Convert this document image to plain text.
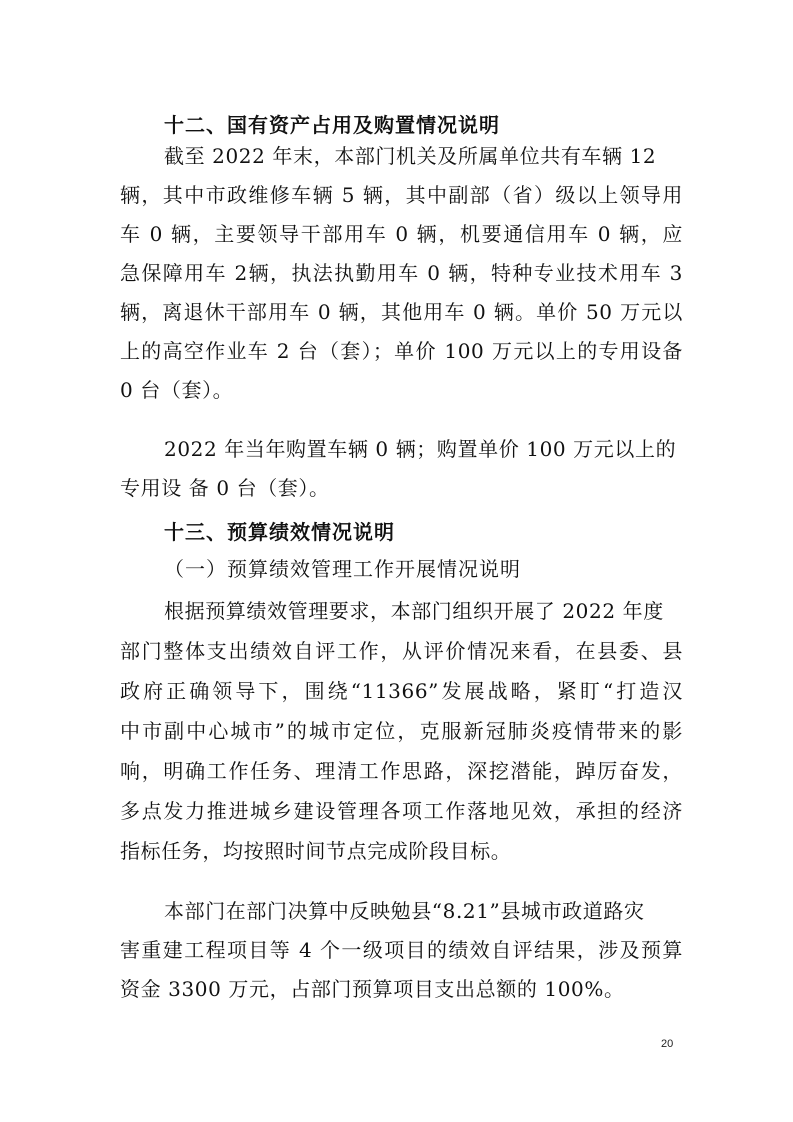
十二、国有资产占用及购置情况说明
截至 2022 年末，本部门机关及所属单位共有车辆 12
辆，其中市政维修车辆 5 辆，其中副部（省）级以上领导用
车 0 辆，主要领导干部用车 0 辆，机要通信用车 0 辆，应
急保障用车 2辆，执法执勤用车 0 辆，特种专业技术用车 3
辆，离退休干部用车 0 辆，其他用车 0 辆。单价 50 万元以
上的高空作业车 2 台（套）；单价 100 万元以上的专用设备
0 台（套）。
2022 年当年购置车辆 0 辆；购置单价 100 万元以上的
专用设 备 0 台（套）。
十三、预算绩效情况说明
（一）预算绩效管理工作开展情况说明
根据预算绩效管理要求，本部门组织开展了 2022 年度
部门整体支出绩效自评工作，从评价情况来看，在县委、县
政府正确领导下，围绕“11366”发展战略，紧盯“打造汉
中市副中心城市”的城市定位，克服新冠肺炎疫情带来的影
响，明确工作任务、理清工作思路，深挖潜能，踔厉奋发，
多点发力推进城乡建设管理各项工作落地见效，承担的经济
指标任务，均按照时间节点完成阶段目标。
本部门在部门决算中反映勉县“8.21”县城市政道路灾
害重建工程项目等 4 个一级项目的绩效自评结果，涉及预算
资金 3300 万元，占部门预算项目支出总额的 100%。
20
